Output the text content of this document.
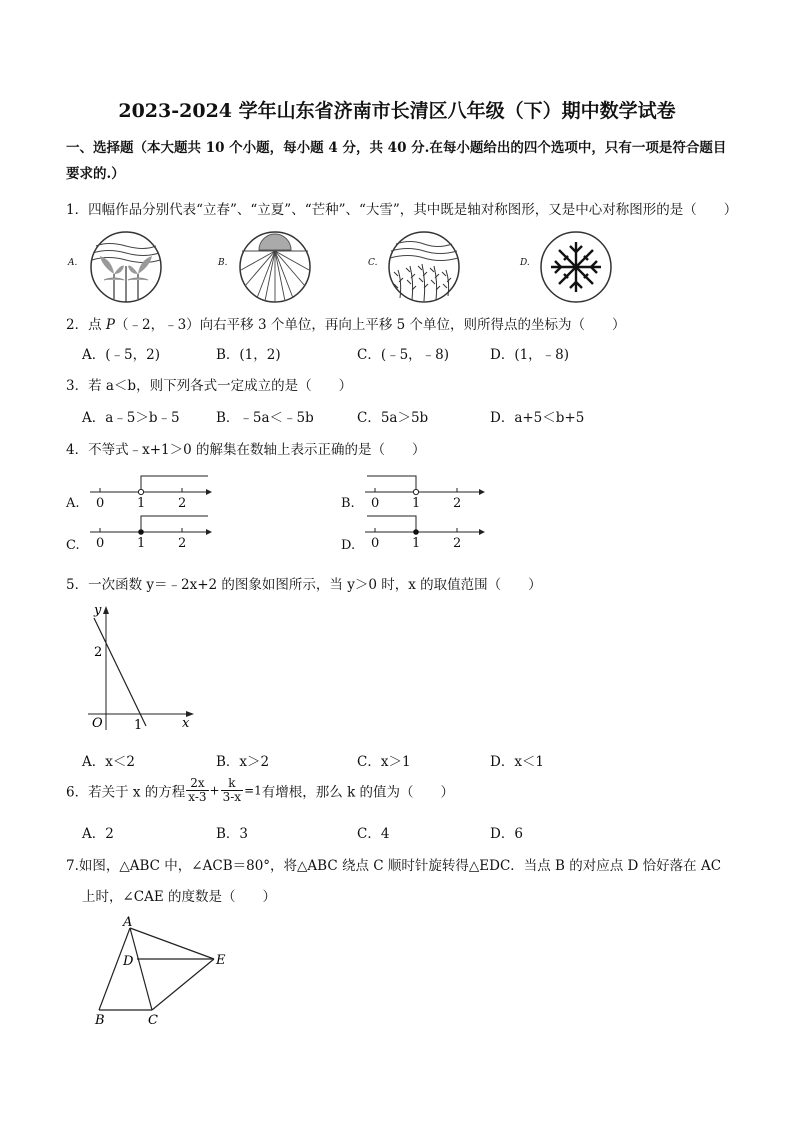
2023-2024 学年山东省济南市长清区八年级（下）期中数学试卷
一、选择题（本大题共 10 个小题，每小题 4 分，共 40 分.在每小题给出的四个选项中，只有一项是符合题目要求的.）
1．四幅作品分别代表“立春”、“立夏”、“芒种”、“大雪”，其中既是轴对称图形，又是中心对称图形的是（　　）
A.	B.	C.	D.
2．点 P（﹣2，﹣3）向右平移 3 个单位，再向上平移 5 个单位，则所得点的坐标为（　　）
A．(﹣5，2)	B．(1，2)	C．(﹣5，﹣8)	D．(1，﹣8)
3．若 a＜b，则下列各式一定成立的是（　　）
A．a﹣5＞b﹣5	B．﹣5a＜﹣5b	C．5a＞5b	D．a+5＜b+5
4．不等式﹣x+1＞0 的解集在数轴上表示正确的是（　　）
A. 0	1	2	B. 0	1	2
C. 0	1	2	D. 0	1	2
5．一次函数 y＝﹣2x+2 的图象如图所示，当 y＞0 时，x 的取值范围（　　）
y
x
O
2
1
A．x＜2	B．x＞2	C．x＞1	D．x＜1
6．若关于 x 的方程 $\frac{2x}{x-3} + \frac{k}{3-x} =1$有增根，那么 k 的值为（　　）
A．2	B．3	C．4	D．6
7.如图，△ABC 中，∠ACB＝80°，将△ABC 绕点 C 顺时针旋转得△EDC．当点 B 的对应点 D 恰好落在 AC
上时，∠CAE 的度数是（　　）
A
D	E
B	C
